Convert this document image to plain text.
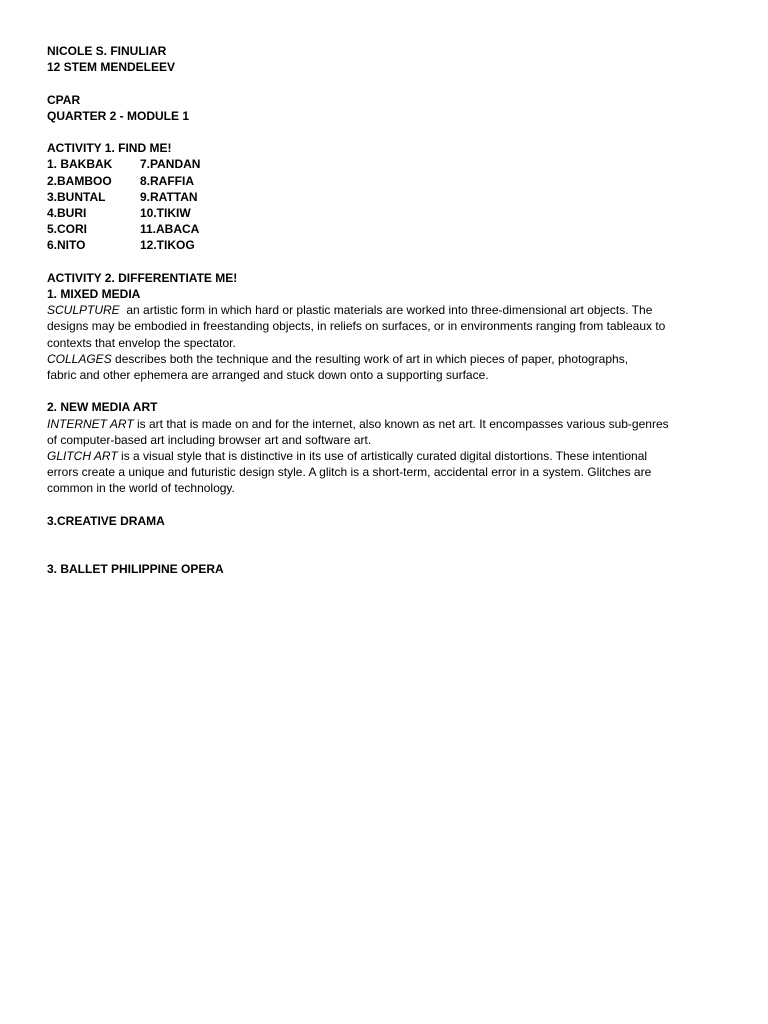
NICOLE S. FINULIAR
12 STEM MENDELEEV
CPAR
QUARTER 2 - MODULE 1
ACTIVITY 1. FIND ME!
1. BAKBAK	7.PANDAN
2.BAMBOO	8.RAFFIA
3.BUNTAL	9.RATTAN
4.BURI	10.TIKIW
5.CORI	11.ABACA
6.NITO	12.TIKOG
ACTIVITY 2. DIFFERENTIATE ME!
1. MIXED MEDIA
SCULPTURE  an artistic form in which hard or plastic materials are worked into three-dimensional art objects. The
designs may be embodied in freestanding objects, in reliefs on surfaces, or in environments ranging from tableaux to
contexts that envelop the spectator.
COLLAGES describes both the technique and the resulting work of art in which pieces of paper, photographs,
fabric and other ephemera are arranged and stuck down onto a supporting surface.
2. NEW MEDIA ART
INTERNET ART is art that is made on and for the internet, also known as net art. It encompasses various sub-genres
of computer-based art including browser art and software art.
GLITCH ART is a visual style that is distinctive in its use of artistically curated digital distortions. These intentional
errors create a unique and futuristic design style. A glitch is a short-term, accidental error in a system. Glitches are
common in the world of technology.
3.CREATIVE DRAMA
3. BALLET PHILIPPINE OPERA
